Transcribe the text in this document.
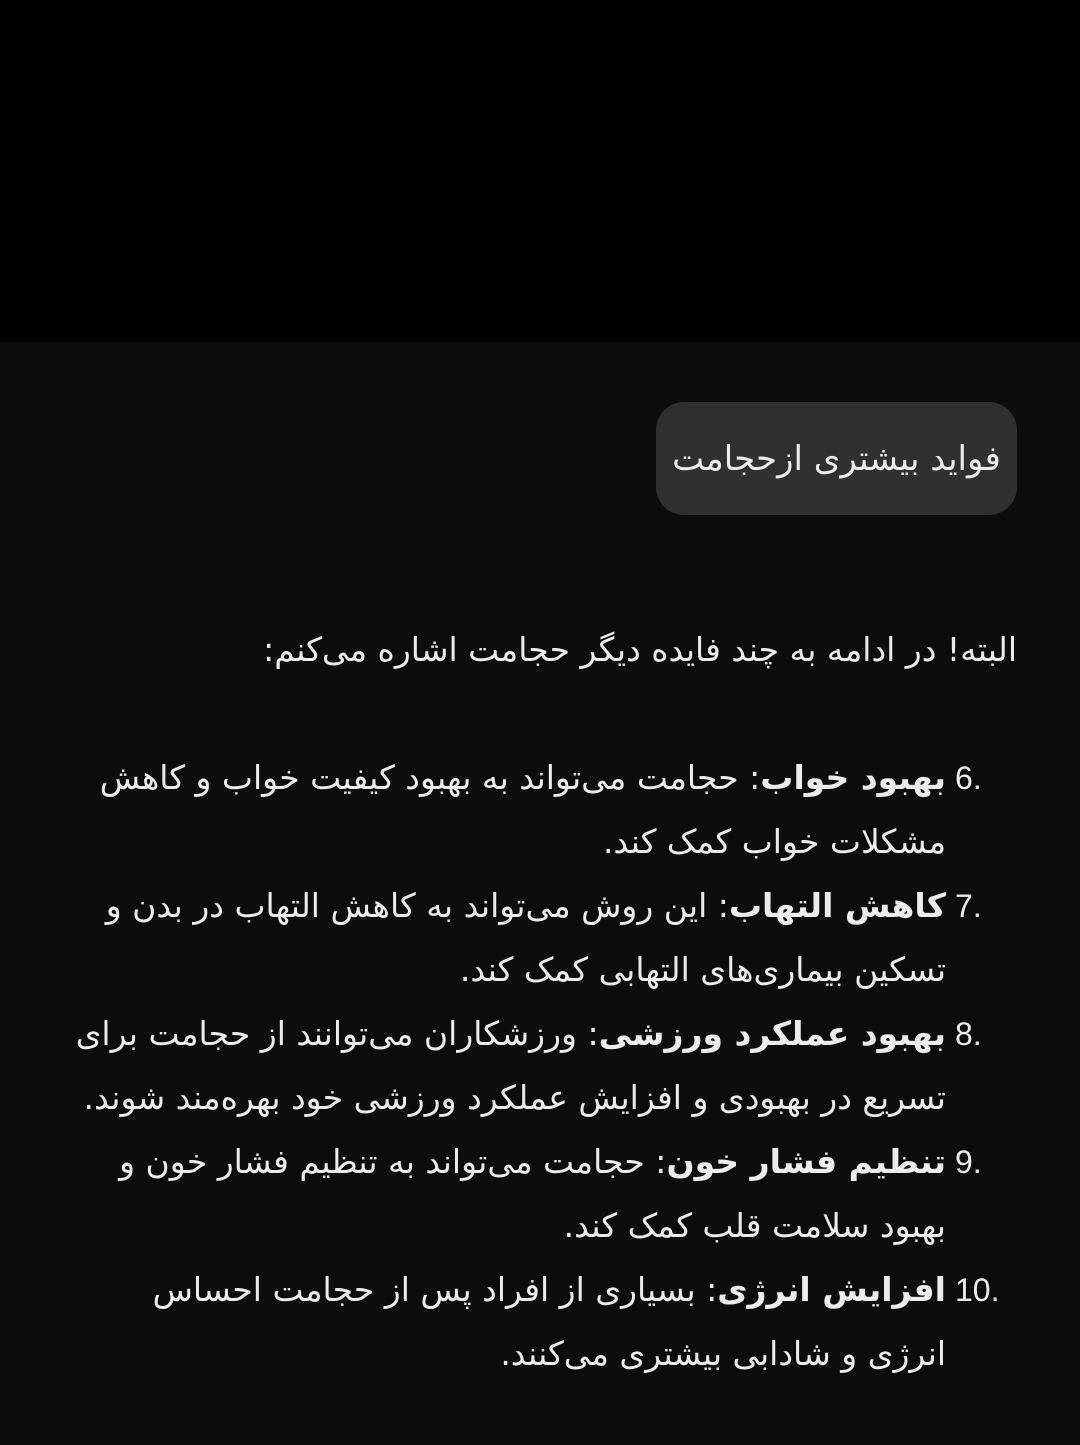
فواید بیشتری ازحجامت

البته! در ادامه به چند فایده دیگر حجامت اشاره می‌کنم:

6.
بهبود خواب: حجامت می‌تواند به بهبود کیفیت خواب و کاهش مشکلات خواب کمک کند.
7.
کاهش التهاب: این روش می‌تواند به کاهش التهاب در بدن و تسکین بیماری‌های التهابی کمک کند.
8.
بهبود عملکرد ورزشی: ورزشکاران می‌توانند از حجامت برای تسریع در بهبودی و افزایش عملکرد ورزشی خود بهره‌مند شوند.
9.
تنظیم فشار خون: حجامت می‌تواند به تنظیم فشار خون و بهبود سلامت قلب کمک کند.
10.
افزایش انرژی: بسیاری از افراد پس از حجامت احساس انرژی و شادابی بیشتری می‌کنند.
